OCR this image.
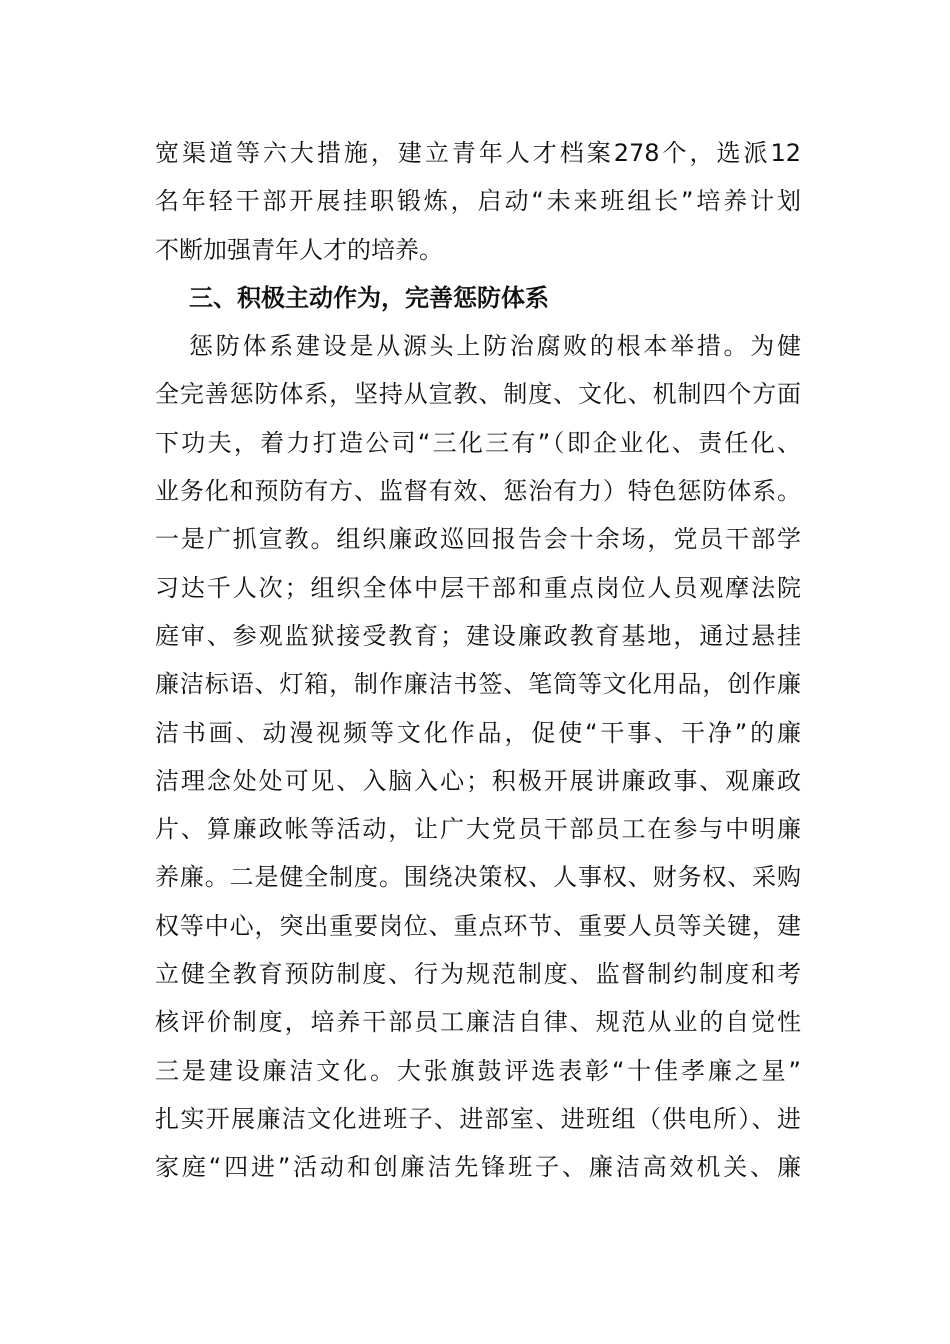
宽渠道等六大措施，建立青年人才档案278个，选派12
名年轻干部开展挂职锻炼，启动“未来班组长”培养计划
不断加强青年人才的培养。
三、积极主动作为，完善惩防体系
惩防体系建设是从源头上防治腐败的根本举措。为健
全完善惩防体系，坚持从宣教、制度、文化、机制四个方面
下功夫，着力打造公司“三化三有”（即企业化、责任化、
业务化和预防有方、监督有效、惩治有力）特色惩防体系。
一是广抓宣教。组织廉政巡回报告会十余场，党员干部学
习达千人次；组织全体中层干部和重点岗位人员观摩法院
庭审、参观监狱接受教育；建设廉政教育基地，通过悬挂
廉洁标语、灯箱，制作廉洁书签、笔筒等文化用品，创作廉
洁书画、动漫视频等文化作品，促使“干事、干净”的廉
洁理念处处可见、入脑入心；积极开展讲廉政事、观廉政
片、算廉政帐等活动，让广大党员干部员工在参与中明廉
养廉。二是健全制度。围绕决策权、人事权、财务权、采购
权等中心，突出重要岗位、重点环节、重要人员等关键，建
立健全教育预防制度、行为规范制度、监督制约制度和考
核评价制度，培养干部员工廉洁自律、规范从业的自觉性
三是建设廉洁文化。大张旗鼓评选表彰“十佳孝廉之星”
扎实开展廉洁文化进班子、进部室、进班组（供电所）、进
家庭“四进”活动和创廉洁先锋班子、廉洁高效机关、廉
